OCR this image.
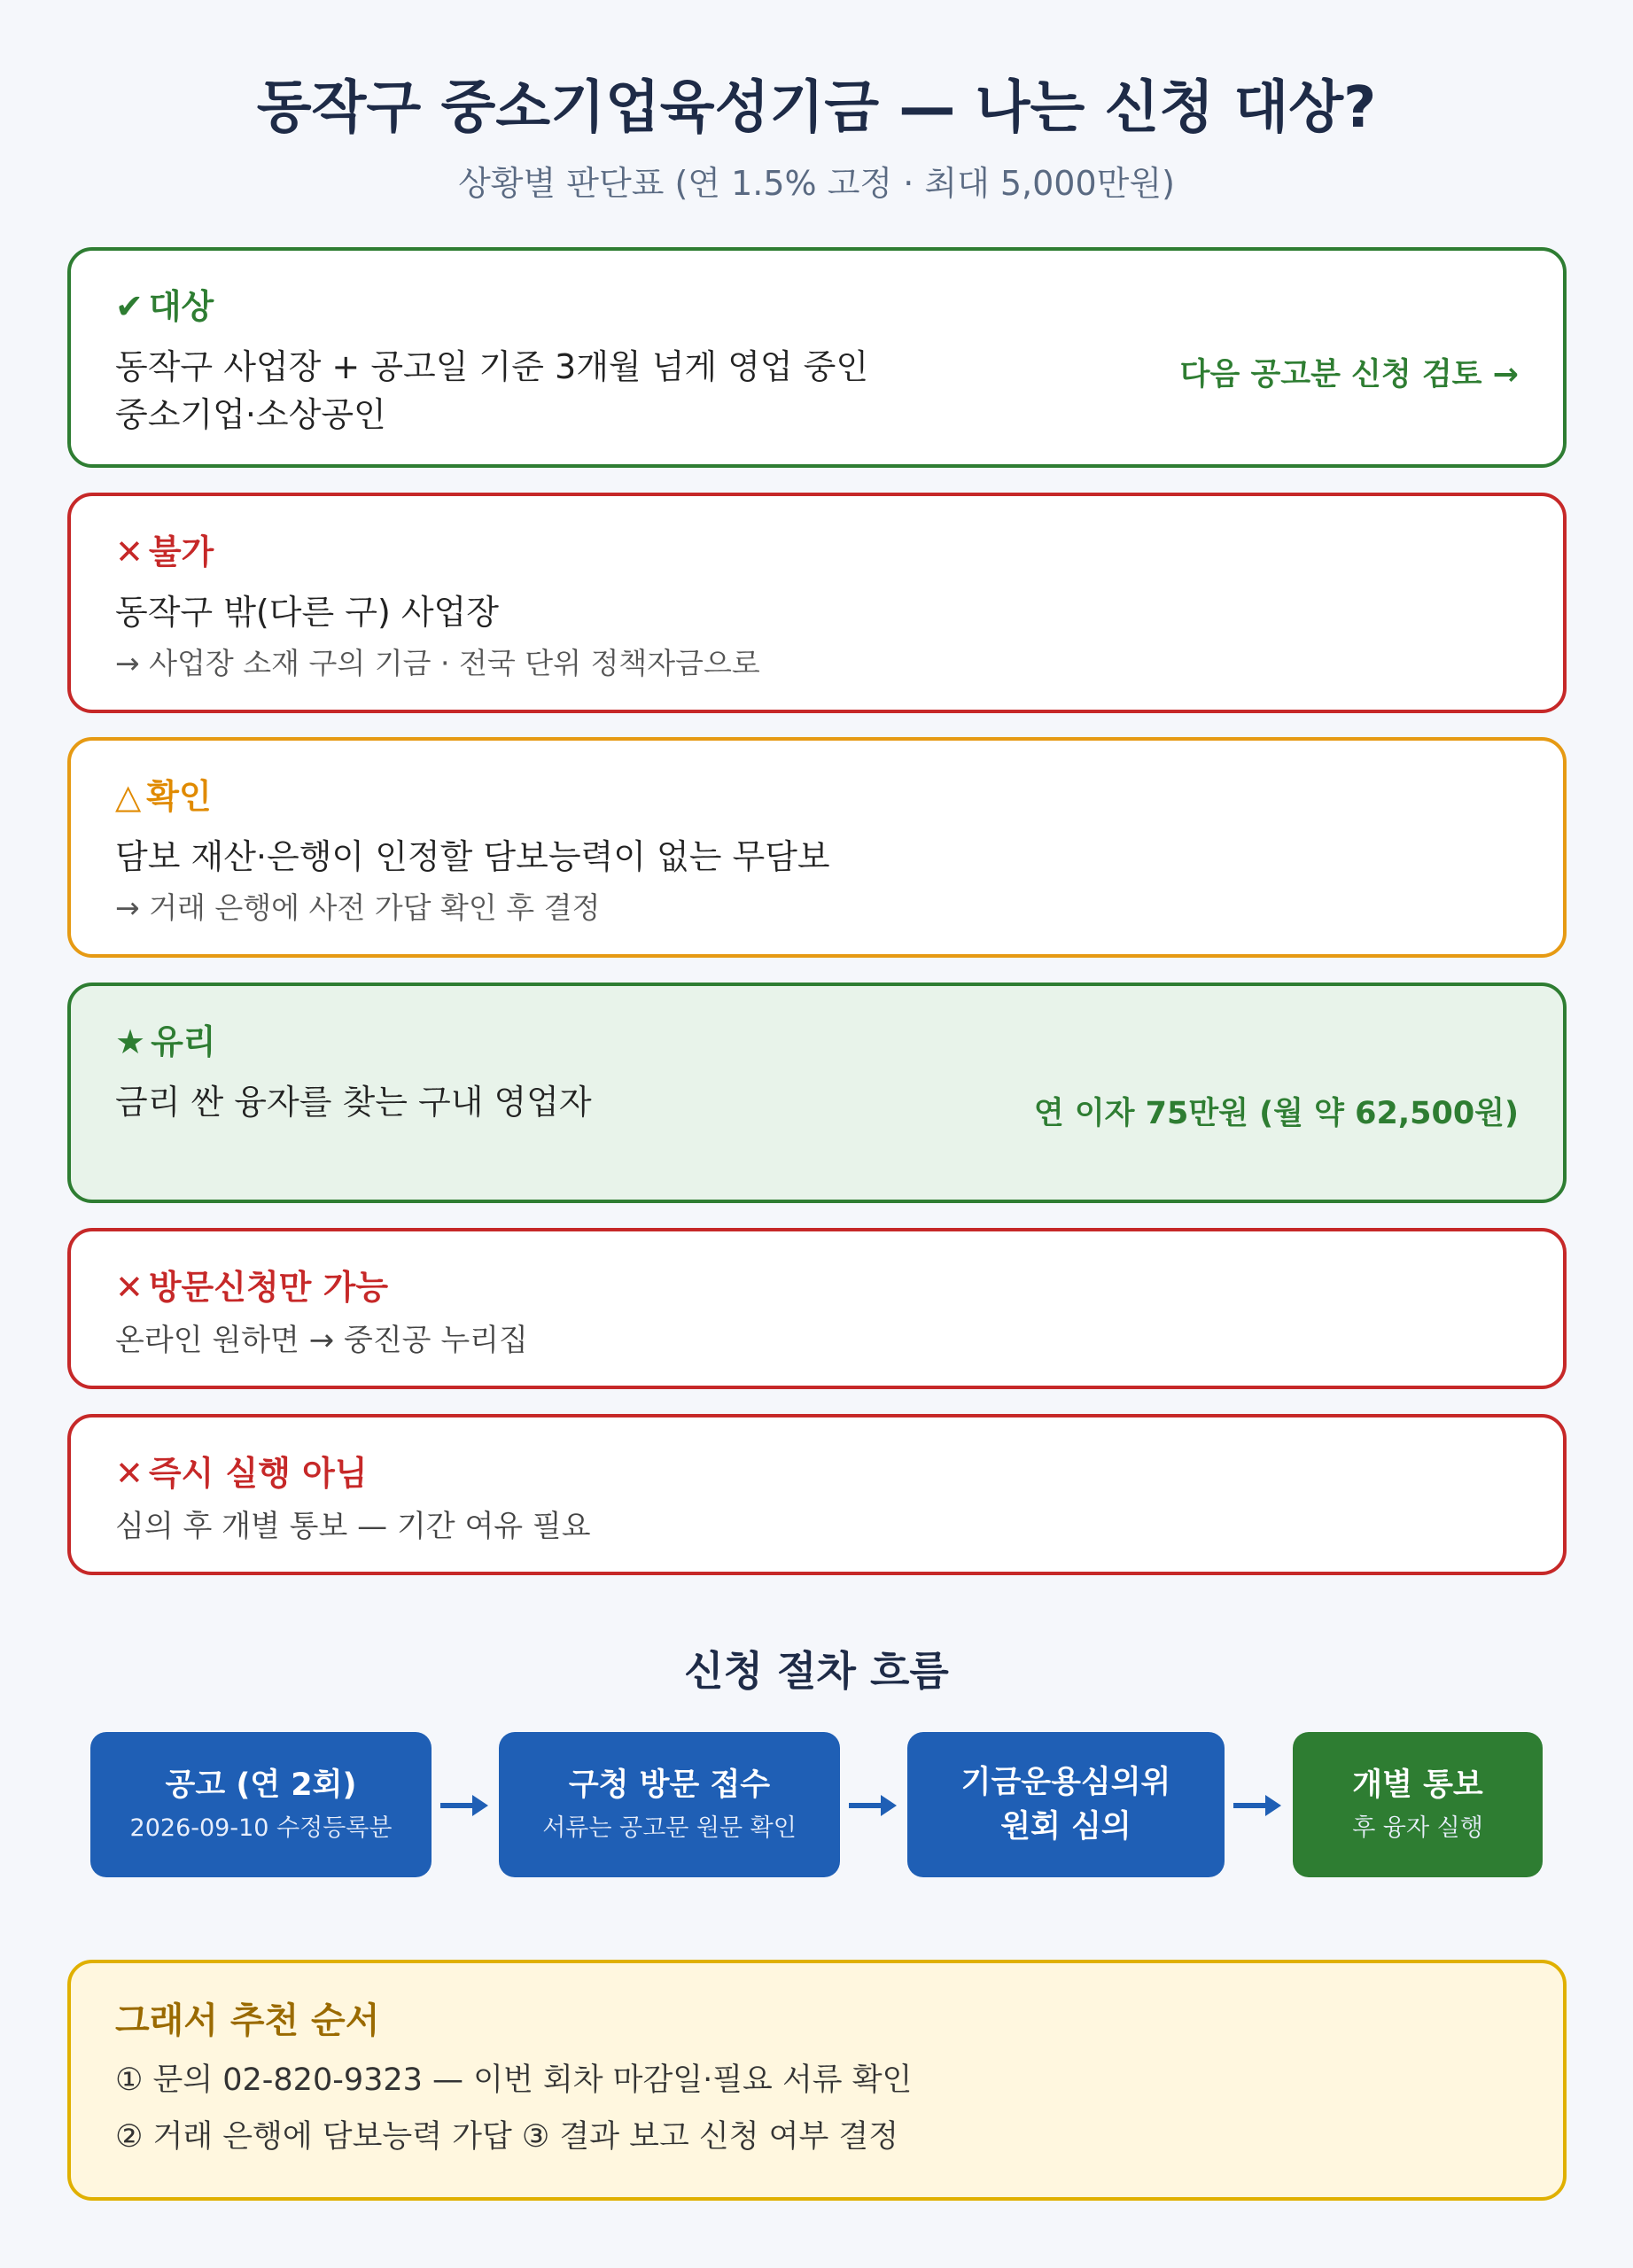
동작구 중소기업육성기금 — 나는 신청 대상?
상황별 판단표 (연 1.5% 고정 · 최대 5,000만원)
✔ 대상
동작구 사업장 + 공고일 기준 3개월 넘게 영업 중인
중소기업·소상공인
다음 공고분 신청 검토 →
✕ 불가
동작구 밖(다른 구) 사업장
→ 사업장 소재 구의 기금 · 전국 단위 정책자금으로
△ 확인
담보 재산·은행이 인정할 담보능력이 없는 무담보
→ 거래 은행에 사전 가답 확인 후 결정
★ 유리
금리 싼 융자를 찾는 구내 영업자	연 이자 75만원 (월 약 62,500원)
✕ 방문신청만 가능
온라인 원하면 → 중진공 누리집
✕ 즉시 실행 아님
심의 후 개별 통보 — 기간 여유 필요
신청 절차 흐름
공고 (연 2회)
2026-09-10 수정등록분
구청 방문 접수
서류는 공고문 원문 확인
기금운용심의위
원회 심의
개별 통보
후 융자 실행
그래서 추천 순서
① 문의 02-820-9323 — 이번 회차 마감일·필요 서류 확인
② 거래 은행에 담보능력 가답 ③ 결과 보고 신청 여부 결정
